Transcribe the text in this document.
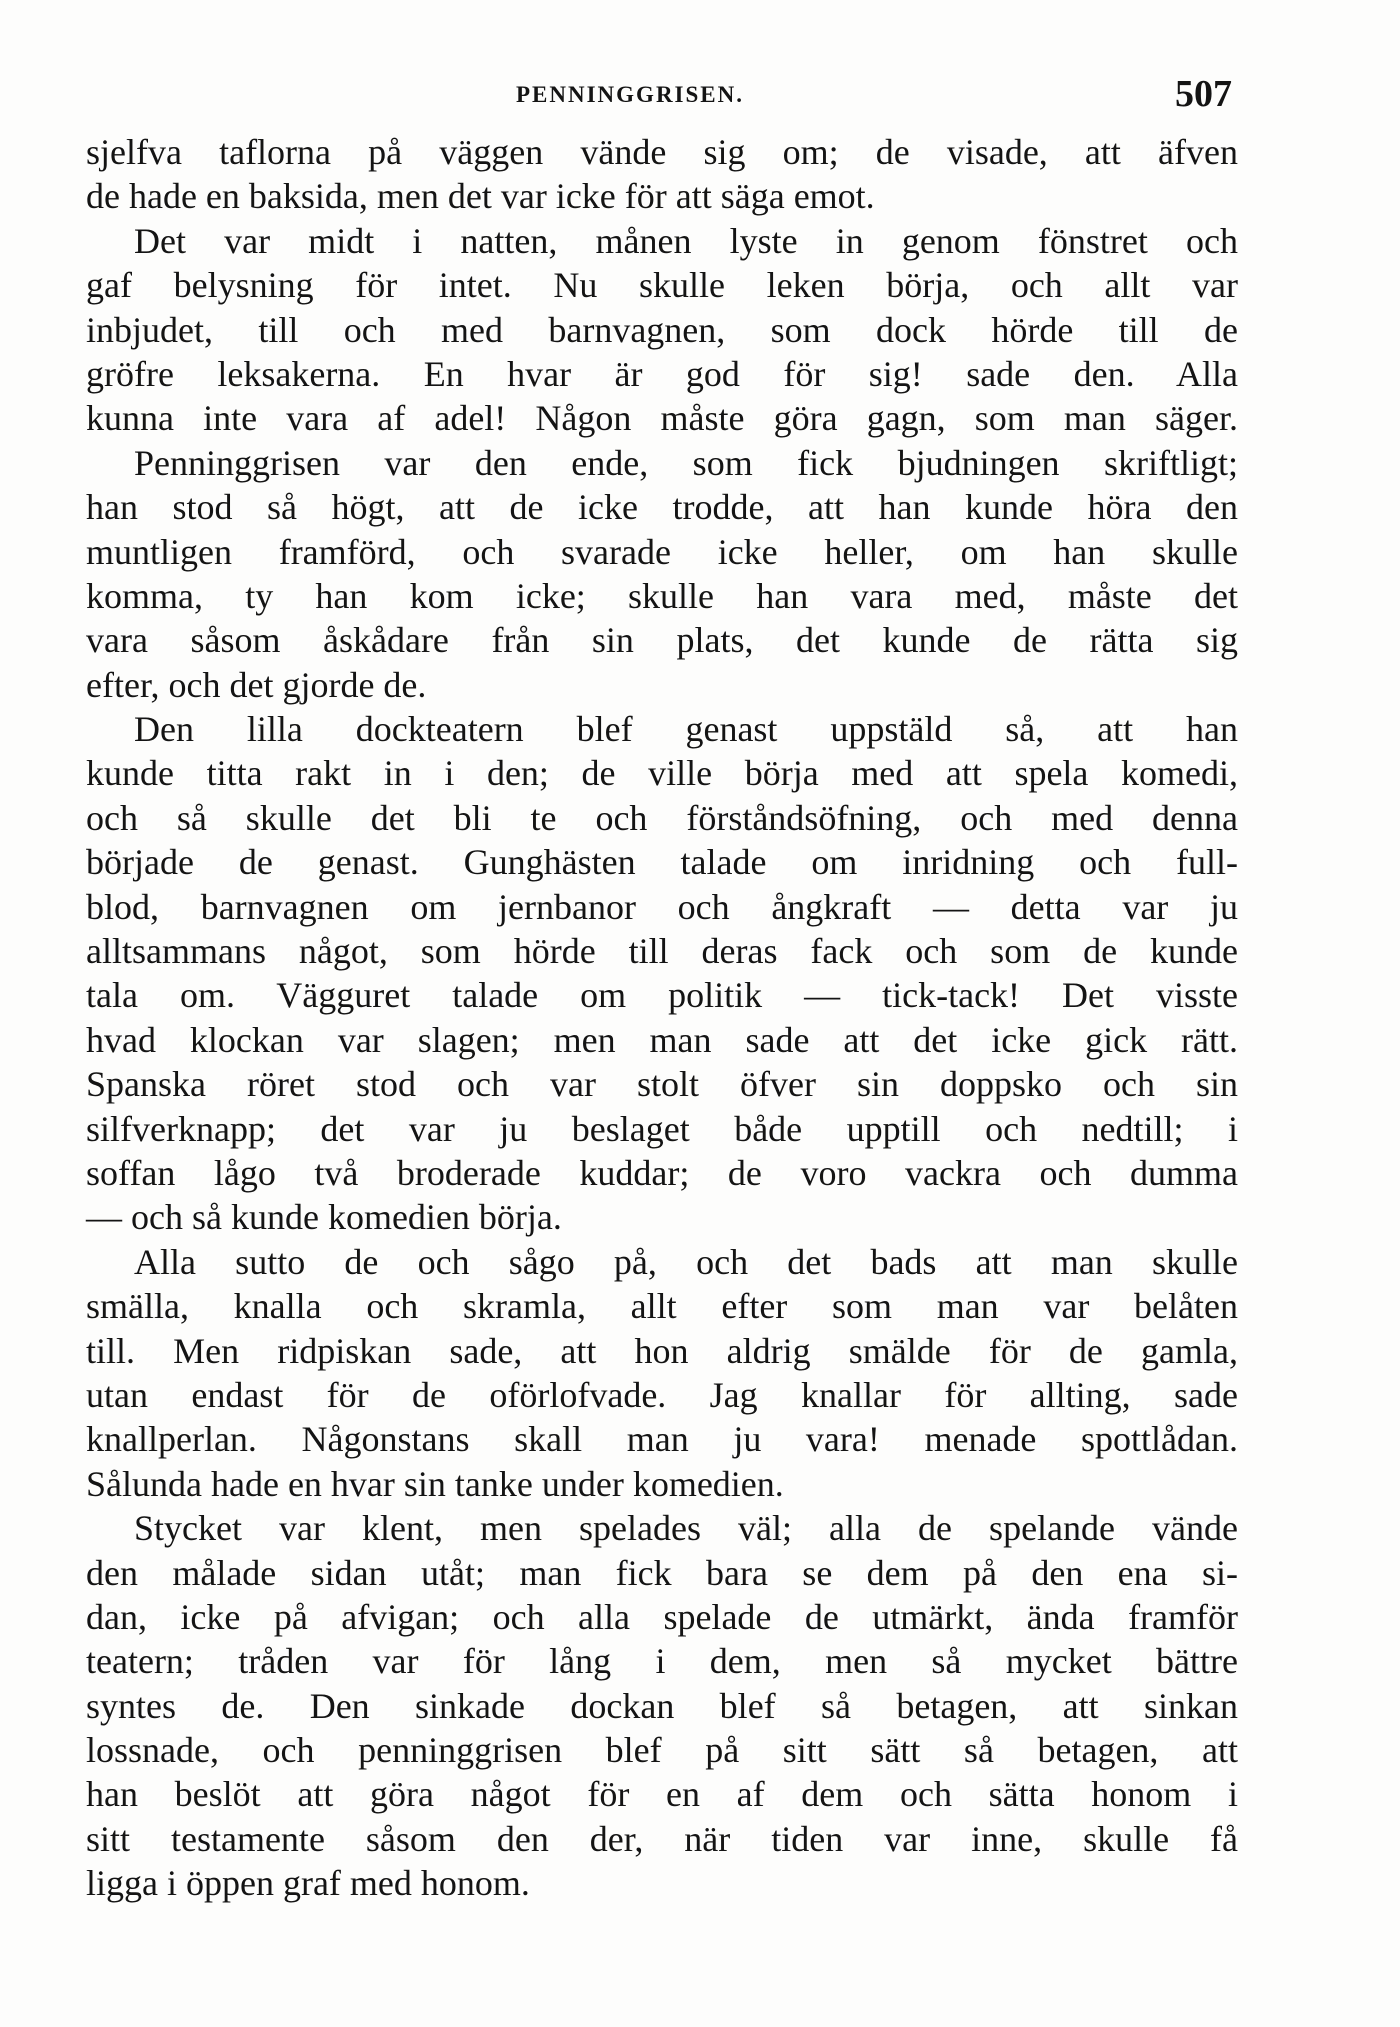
PENNINGGRISEN.	507
sjelfva taflorna på väggen vände sig om; de visade, att äfven
de hade en baksida, men det var icke för att säga emot.
Det var midt i natten, månen lyste in genom fönstret och
gaf belysning för intet. Nu skulle leken börja, och allt var
inbjudet, till och med barnvagnen, som dock hörde till de
gröfre leksakerna. En hvar är god för sig! sade den. Alla
kunna inte vara af adel! Någon måste göra gagn, som man säger.
Penninggrisen var den ende, som fick bjudningen skriftligt;
han stod så högt, att de icke trodde, att han kunde höra den
muntligen framförd, och svarade icke heller, om han skulle
komma, ty han kom icke; skulle han vara med, måste det
vara såsom åskådare från sin plats, det kunde de rätta sig
efter, och det gjorde de.
Den lilla dockteatern blef genast uppstäld så, att han
kunde titta rakt in i den; de ville börja med att spela komedi,
och så skulle det bli te och förståndsöfning, och med denna
började de genast. Gunghästen talade om inridning och full-
blod, barnvagnen om jernbanor och ångkraft — detta var ju
alltsammans något, som hörde till deras fack och som de kunde
tala om. Vägguret talade om politik — tick-tack! Det visste
hvad klockan var slagen; men man sade att det icke gick rätt.
Spanska röret stod och var stolt öfver sin doppsko och sin
silfverknapp; det var ju beslaget både upptill och nedtill; i
soffan lågo två broderade kuddar; de voro vackra och dumma
— och så kunde komedien börja.
Alla sutto de och sågo på, och det bads att man skulle
smälla, knalla och skramla, allt efter som man var belåten
till. Men ridpiskan sade, att hon aldrig smälde för de gamla,
utan endast för de oförlofvade. Jag knallar för allting, sade
knallperlan. Någonstans skall man ju vara! menade spottlådan.
Sålunda hade en hvar sin tanke under komedien.
Stycket var klent, men spelades väl; alla de spelande vände
den målade sidan utåt; man fick bara se dem på den ena si-
dan, icke på afvigan; och alla spelade de utmärkt, ända framför
teatern; tråden var för lång i dem, men så mycket bättre
syntes de. Den sinkade dockan blef så betagen, att sinkan
lossnade, och penninggrisen blef på sitt sätt så betagen, att
han beslöt att göra något för en af dem och sätta honom i
sitt testamente såsom den der, när tiden var inne, skulle få
ligga i öppen graf med honom.
